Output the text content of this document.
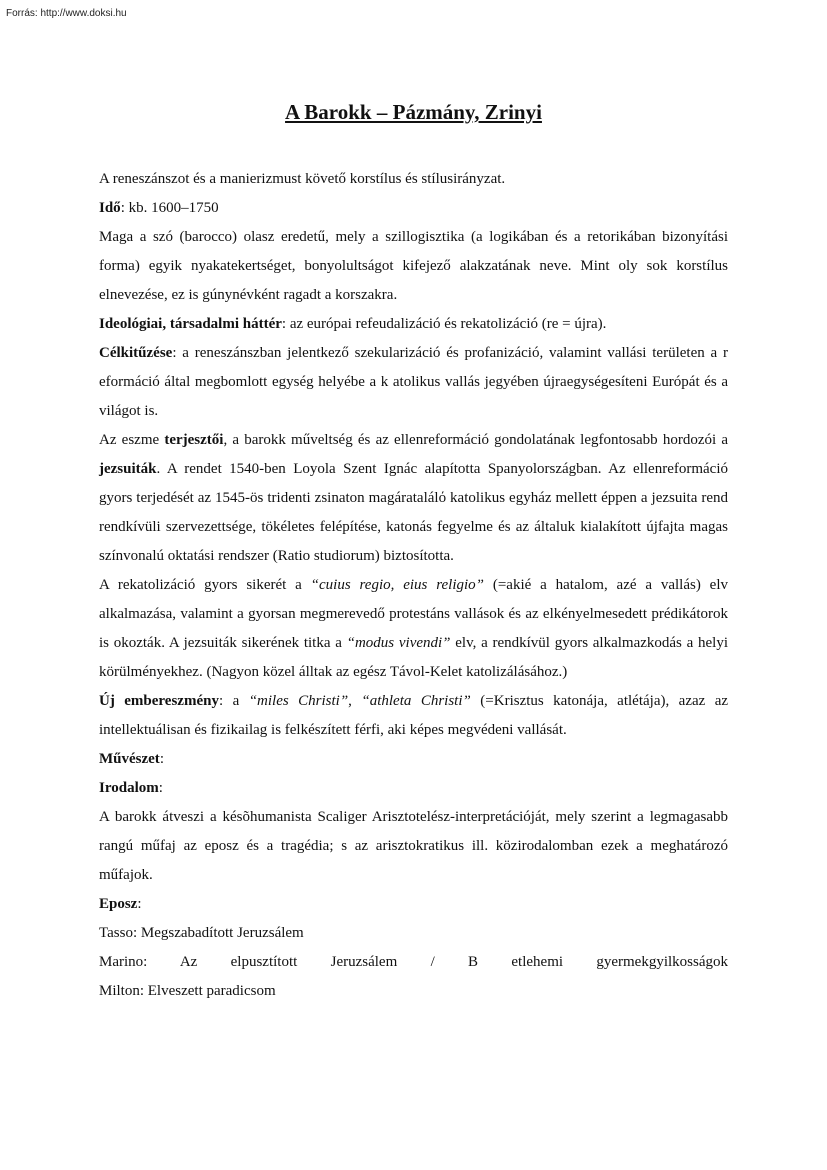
Forrás: http://www.doksi.hu
A Barokk – Pázmány, Zrinyi

A reneszánszot és a manierizmust követő korstílus és stílusirányzat.

Idő: kb. 1600–1750

Maga a szó (barocco) olasz eredetű, mely a szillogisztika (a logikában és a retorikában bizonyítási forma) egyik nyakatekertséget, bonyolultságot kifejező alakzatának neve. Mint oly sok korstílus elnevezése, ez is gúnynévként ragadt a korszakra.

Ideológiai, társadalmi háttér: az európai refeudalizáció és rekatolizáció (re = újra).

Célkitűzése: a reneszánszban jelentkező szekularizáció és profanizáció, valamint vallási területen a r eformáció által megbomlott egység helyébe a k atolikus vallás jegyében újraegységesíteni Európát és a világot is.

Az eszme terjesztői, a barokk műveltség és az ellenreformáció gondolatának legfontosabb hordozói a jezsuiták. A rendet 1540-ben Loyola Szent Ignác alapította Spanyolországban. Az ellenreformáció gyors terjedését az 1545-ös tridenti zsinaton magáratalálό katolikus egyház mellett éppen a jezsuita rend rendkívüli szervezettsége, tökéletes felépítése, katonás fegyelme és az általuk kialakított újfajta magas színvonalú oktatási rendszer (Ratio studiorum) biztosította.

A rekatolizáció gyors sikerét a “cuius regio, eius religio” (=akié a hatalom, azé a vallás) elv alkalmazása, valamint a gyorsan megmerevedő protestáns vallások és az elkényelmesedett prédikátorok is okozták. A jezsuiták sikerének titka a “modus vivendi” elv, a rendkívül gyors alkalmazkodás a helyi körülményekhez. (Nagyon közel álltak az egész Távol-Kelet katolizálásához.)

Új embereszmény: a “miles Christi”, “athleta Christi” (=Krisztus katonája, atlétája), azaz az intellektuálisan és fizikailag is felkészített férfi, aki képes megvédeni vallását.

Művészet:

Irodalom:

A barokk átveszi a késõhumanista Scaliger Arisztotelész-interpretációját, mely szerint a legmagasabb rangú műfaj az eposz és a tragédia; s az arisztokratikus ill. közirodalomban ezek a meghatározó műfajok.

Eposz:

Tasso: Megszabadított Jeruzsálem

Marino: Az elpusztított Jeruzsálem / B etlehemi gyermekgyilkosságok

Milton: Elveszett paradicsom
